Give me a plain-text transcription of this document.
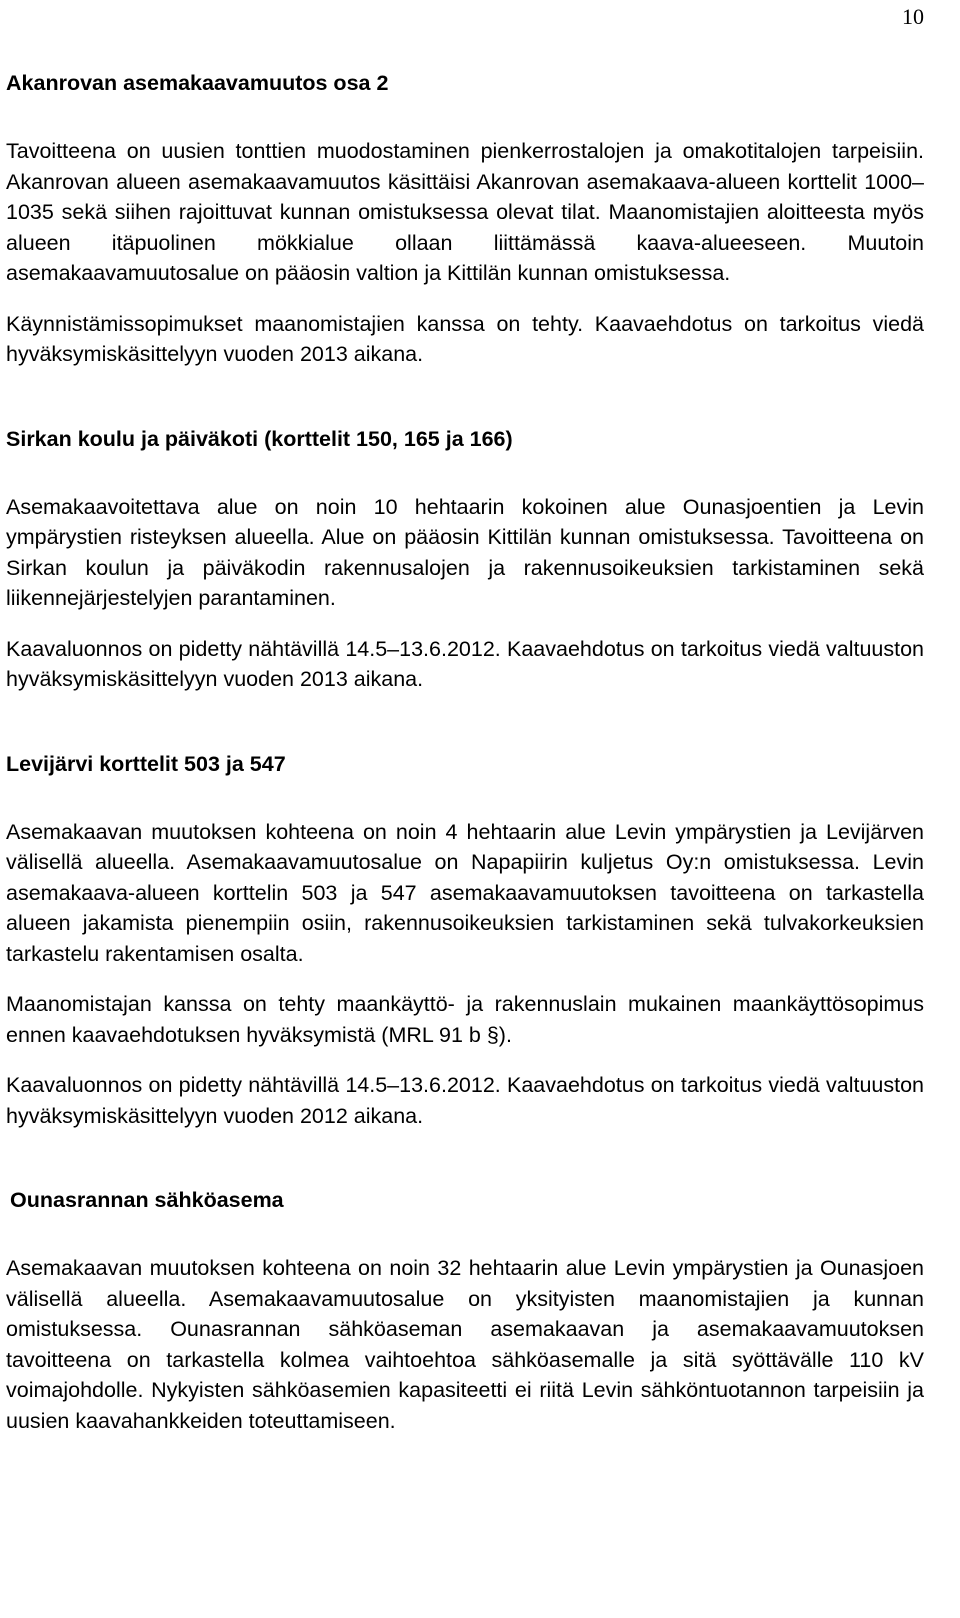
10
Akanrovan asemakaavamuutos osa 2

Tavoitteena on uusien tonttien muodostaminen pienkerrostalojen ja omakotitalojen tarpeisiin. Akanrovan alueen asemakaavamuutos käsittäisi Akanrovan asemakaava-alueen korttelit 1000–1035 sekä siihen rajoittuvat kunnan omistuksessa olevat tilat. Maanomistajien aloitteesta myös alueen itäpuolinen mökkialue ollaan liittämässä kaava-alueeseen. Muutoin asemakaavamuutosalue on pääosin valtion ja Kittilän kunnan omistuksessa.

Käynnistämissopimukset maanomistajien kanssa on tehty. Kaavaehdotus on tarkoitus viedä hyväksymiskäsittelyyn vuoden 2013 aikana.

Sirkan koulu ja päiväkoti (korttelit 150, 165 ja 166)

Asemakaavoitettava alue on noin 10 hehtaarin kokoinen alue Ounasjoentien ja Levin ympärystien risteyksen alueella. Alue on pääosin Kittilän kunnan omistuksessa. Tavoitteena on Sirkan koulun ja päiväkodin rakennusalojen ja rakennusoikeuksien tarkistaminen sekä liikennejärjestelyjen parantaminen.

Kaavaluonnos on pidetty nähtävillä 14.5–13.6.2012. Kaavaehdotus on tarkoitus viedä valtuuston hyväksymiskäsittelyyn vuoden 2013 aikana.

Levijärvi korttelit 503 ja 547

Asemakaavan muutoksen kohteena on noin 4 hehtaarin alue Levin ympärystien ja Levijärven välisellä alueella. Asemakaavamuutosalue on Napapiirin kuljetus Oy:n omistuksessa. Levin asemakaava-alueen korttelin 503 ja 547 asemakaavamuutoksen tavoitteena on tarkastella alueen jakamista pienempiin osiin, rakennusoikeuksien tarkistaminen sekä tulvakorkeuksien tarkastelu rakentamisen osalta.

Maanomistajan kanssa on tehty maankäyttö- ja rakennuslain mukainen maankäyttösopimus ennen kaavaehdotuksen hyväksymistä (MRL 91 b §).

Kaavaluonnos on pidetty nähtävillä 14.5–13.6.2012. Kaavaehdotus on tarkoitus viedä valtuuston hyväksymiskäsittelyyn vuoden 2012 aikana.

Ounasrannan sähköasema

Asemakaavan muutoksen kohteena on noin 32 hehtaarin alue Levin ympärystien ja Ounasjoen välisellä alueella. Asemakaavamuutosalue on yksityisten maanomistajien ja kunnan omistuksessa. Ounasrannan sähköaseman asemakaavan ja asemakaavamuutoksen tavoitteena on tarkastella kolmea vaihtoehtoa sähköasemalle ja sitä syöttävälle 110 kV voimajohdolle. Nykyisten sähköasemien kapasiteetti ei riitä Levin sähköntuotannon tarpeisiin ja uusien kaavahankkeiden toteuttamiseen.
